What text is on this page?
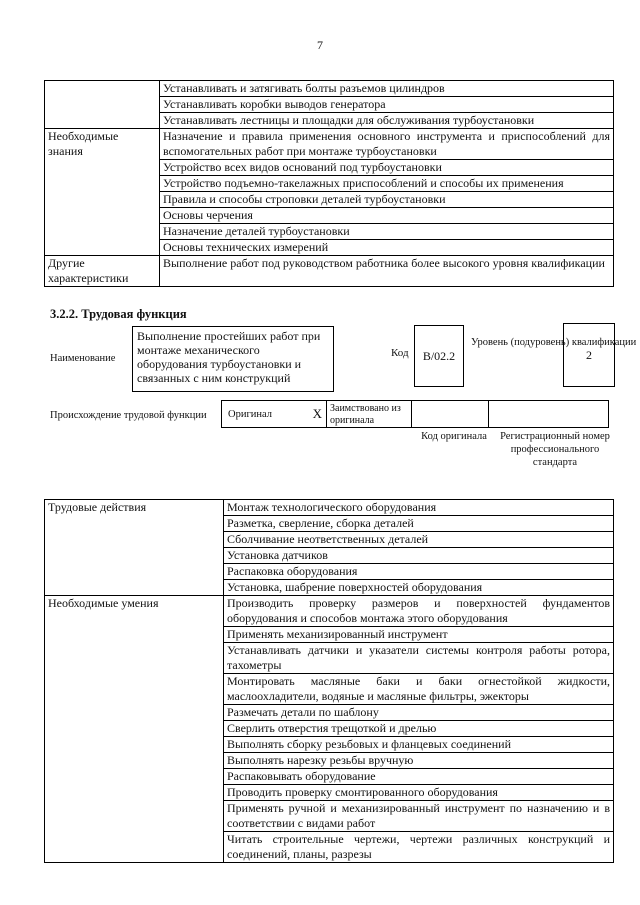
7
	Устанавливать и затягивать болты разъемов цилиндров
	Устанавливать коробки выводов генератора
	Устанавливать лестницы и площадки для обслуживания турбоустановки
Необходимые знания	Назначение и правила применения основного инструмента и приспособлений для вспомогательных работ при монтаже турбоустановки
	Устройство всех видов оснований под турбоустановки
	Устройство подъемно-такелажных приспособлений и способы их применения
	Правила и способы строповки деталей турбоустановки
	Основы черчения
	Назначение деталей турбоустановки
	Основы технических измерений
Другие характеристики	Выполнение работ под руководством работника более высокого уровня квалификации
3.2.2. Трудовая функция
Наименование
Выполнение простейших работ при монтаже механического оборудования турбоустановки и связанных с ним конструкций
Код	B/02.2
Уровень (подуровень) квалификации
2
Происхождение трудовой функции Оригинал	X Заимствовано из оригинала
Код оригинала Регистрационный номер профессионального стандарта
Трудовые действия	Монтаж технологического оборудования
	Разметка, сверление, сборка деталей
	Сболчивание неответственных деталей
	Установка датчиков
	Распаковка оборудования
	Установка, шабрение поверхностей оборудования
Необходимые умения	Производить проверку размеров и поверхностей фундаментов оборудования и способов монтажа этого оборудования
	Применять механизированный инструмент
	Устанавливать датчики и указатели системы контроля работы ротора, тахометры
	Монтировать масляные баки и баки огнестойкой жидкости, маслоохладители, водяные и масляные фильтры, эжекторы
	Размечать детали по шаблону
	Сверлить отверстия трещоткой и дрелью
	Выполнять сборку резьбовых и фланцевых соединений
	Выполнять нарезку резьбы вручную
	Распаковывать оборудование
	Проводить проверку смонтированного оборудования
	Применять ручной и механизированный инструмент по назначению и в соответствии с видами работ
	Читать строительные чертежи, чертежи различных конструкций и соединений, планы, разрезы
